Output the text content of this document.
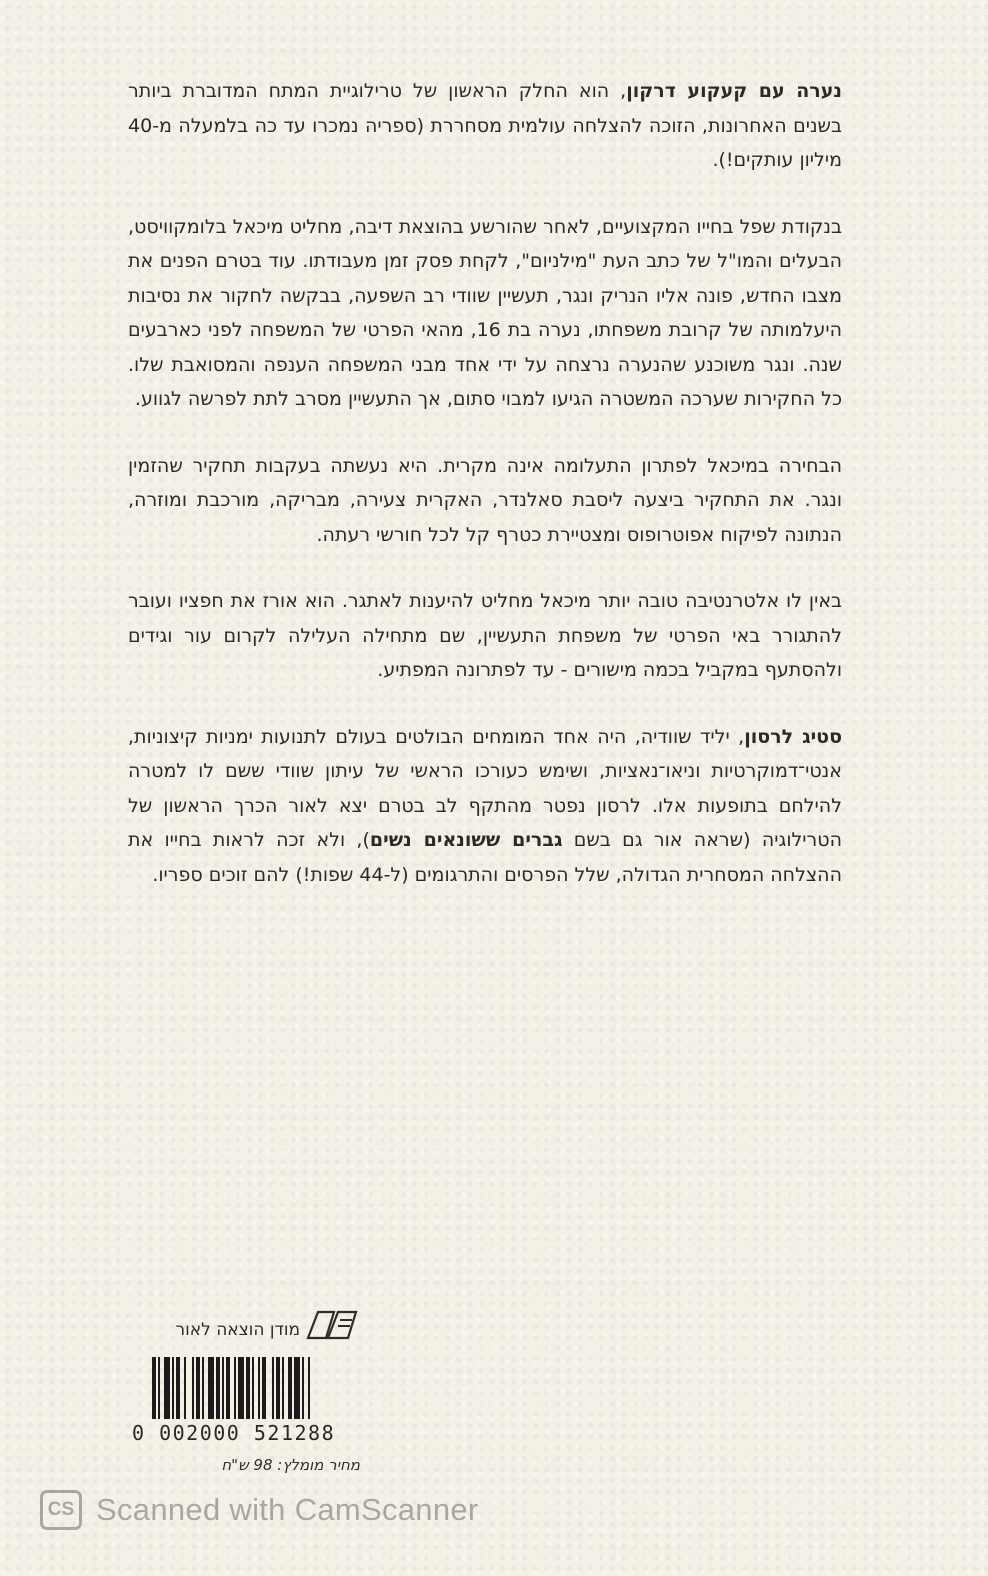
נערה עם קעקוע דרקון, הוא החלק הראשון של טרילוגיית המתח המדוברת ביותר בשנים האחרונות, הזוכה להצלחה עולמית מסחררת (ספריה נמכרו עד כה בלמעלה מ-40 מיליון עותקים!).

בנקודת שפל בחייו המקצועיים, לאחר שהורשע בהוצאת דיבה, מחליט מיכאל בלומקוויסט, הבעלים והמו"ל של כתב העת "מילניום", לקחת פסק זמן מעבודתו. עוד בטרם הפנים את מצבו החדש, פונה אליו הנריק ונגר, תעשיין שוודי רב השפעה, בבקשה לחקור את נסיבות היעלמותה של קרובת משפחתו, נערה בת 16, מהאי הפרטי של המשפחה לפני כארבעים שנה. ונגר משוכנע שהנערה נרצחה על ידי אחד מבני המשפחה הענפה והמסואבת שלו. כל החקירות שערכה המשטרה הגיעו למבוי סתום, אך התעשיין מסרב לתת לפרשה לגווע.

הבחירה במיכאל לפתרון התעלומה אינה מקרית. היא נעשתה בעקבות תחקיר שהזמין ונגר. את התחקיר ביצעה ליסבת סאלנדר, האקרית צעירה, מבריקה, מורכבת ומוזרה, הנתונה לפיקוח אפוטרופוס ומצטיירת כטרף קל לכל חורשי רעתה.

באין לו אלטרנטיבה טובה יותר מיכאל מחליט להיענות לאתגר. הוא אורז את חפציו ועובר להתגורר באי הפרטי של משפחת התעשיין, שם מתחילה העלילה לקרום עור וגידים ולהסתעף במקביל בכמה מישורים - עד לפתרונה המפתיע.

סטיג לרסון, יליד שוודיה, היה אחד המומחים הבולטים בעולם לתנועות ימניות קיצוניות, אנטי־דמוקרטיות וניאו־נאציות, ושימש כעורכו הראשי של עיתון שוודי ששם לו למטרה להילחם בתופעות אלו. לרסון נפטר מהתקף לב בטרם יצא לאור הכרך הראשון של הטרילוגיה (שראה אור גם בשם גברים ששונאים נשים), ולא זכה לראות בחייו את ההצלחה המסחרית הגדולה, שלל הפרסים והתרגומים (ל-44 שפות!) להם זוכים ספריו.

מודן הוצאה לאור
0 002000 521288
מחיר מומלץ: 98 ש"ח
CS Scanned with CamScanner
